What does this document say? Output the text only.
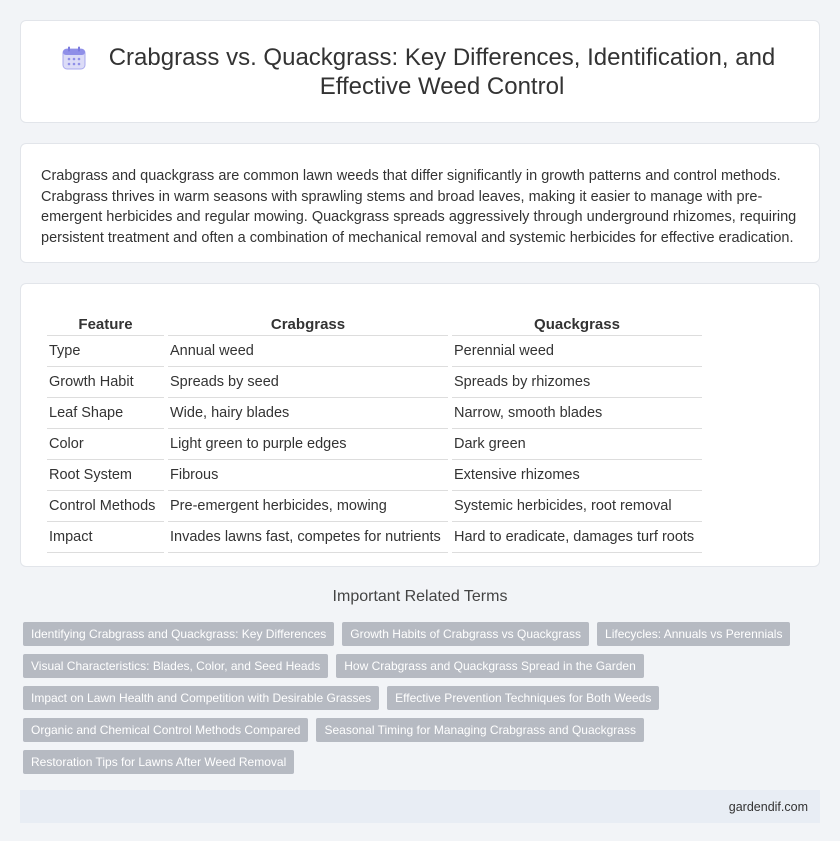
Crabgrass vs. Quackgrass: Key Differences, Identification, and Effective Weed Control
Crabgrass and quackgrass are common lawn weeds that differ significantly in growth patterns and control methods. Crabgrass thrives in warm seasons with sprawling stems and broad leaves, making it easier to manage with pre-emergent herbicides and regular mowing. Quackgrass spreads aggressively through underground rhizomes, requiring persistent treatment and often a combination of mechanical removal and systemic herbicides for effective eradication.
Feature	Crabgrass	Quackgrass
Type	Annual weed	Perennial weed
Growth Habit	Spreads by seed	Spreads by rhizomes
Leaf Shape	Wide, hairy blades	Narrow, smooth blades
Color	Light green to purple edges	Dark green
Root System	Fibrous	Extensive rhizomes
Control Methods	Pre-emergent herbicides, mowing	Systemic herbicides, root removal
Impact	Invades lawns fast, competes for nutrients	Hard to eradicate, damages turf roots
Important Related Terms
Identifying Crabgrass and Quackgrass: Key Differences	Growth Habits of Crabgrass vs Quackgrass	Lifecycles: Annuals vs Perennials
Visual Characteristics: Blades, Color, and Seed Heads	How Crabgrass and Quackgrass Spread in the Garden
Impact on Lawn Health and Competition with Desirable Grasses	Effective Prevention Techniques for Both Weeds
Organic and Chemical Control Methods Compared	Seasonal Timing for Managing Crabgrass and Quackgrass
Restoration Tips for Lawns After Weed Removal
gardendif.com
